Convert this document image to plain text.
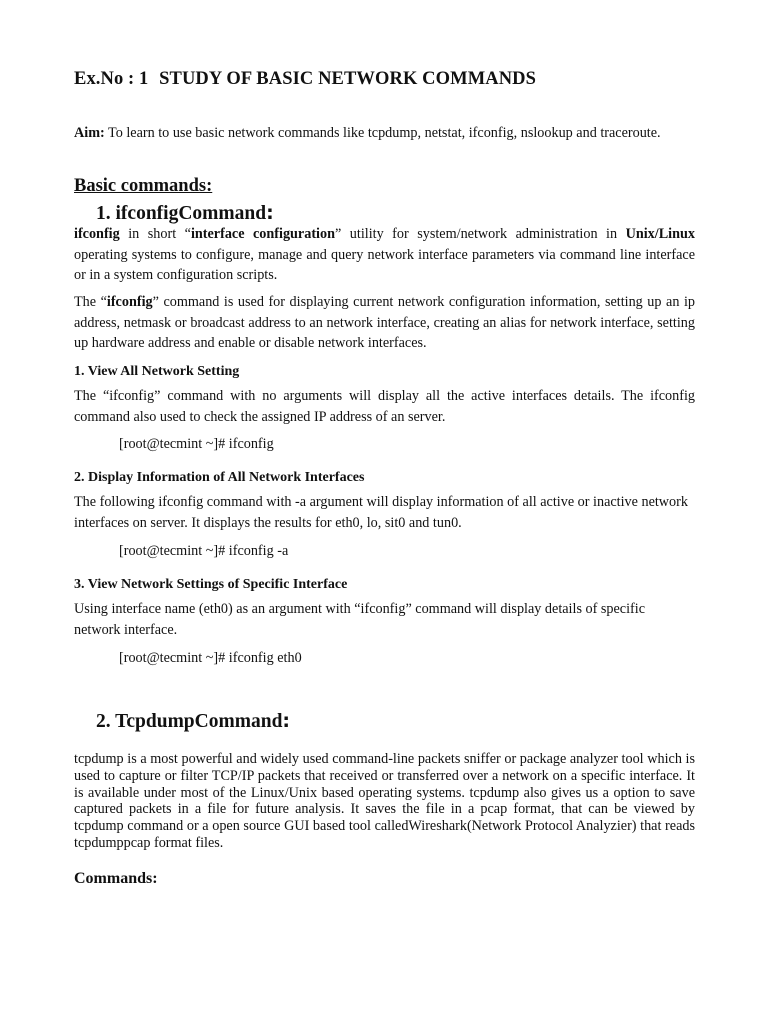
Ex.No : 1 STUDY OF BASIC NETWORK COMMANDS
Aim: To learn to use basic network commands like tcpdump, netstat, ifconfig, nslookup and traceroute.
Basic commands:
1. ifconfigCommand:
ifconfig in short “interface configuration” utility for system/network administration in Unix/Linux operating systems to configure, manage and query network interface parameters via command line interface or in a system configuration scripts.
The “ifconfig” command is used for displaying current network configuration information, setting up an ip address, netmask or broadcast address to an network interface, creating an alias for network interface, setting up hardware address and enable or disable network interfaces.
1. View All Network Setting
The “ifconfig” command with no arguments will display all the active interfaces details. The ifconfig command also used to check the assigned IP address of an server.
[root@tecmint ~]# ifconfig
2. Display Information of All Network Interfaces
The following ifconfig command with -a argument will display information of all active or inactive network interfaces on server. It displays the results for eth0, lo, sit0 and tun0.
[root@tecmint ~]# ifconfig -a
3. View Network Settings of Specific Interface
Using interface name (eth0) as an argument with “ifconfig” command will display details of specific network interface.
[root@tecmint ~]# ifconfig eth0
2. TcpdumpCommand:
tcpdump is a most powerful and widely used command-line packets sniffer or package analyzer tool which is used to capture or filter TCP/IP packets that received or transferred over a network on a specific interface. It is available under most of the Linux/Unix based operating systems. tcpdump also gives us a option to save captured packets in a file for future analysis. It saves the file in a pcap format, that can be viewed by tcpdump command or a open source GUI based tool calledWireshark(Network Protocol Analyzier) that reads tcpdumppcap format files.
Commands:
